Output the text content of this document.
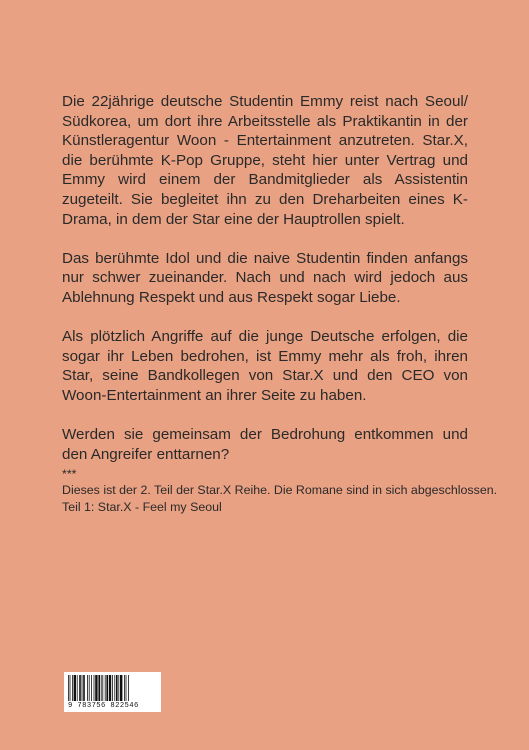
Die 22jährige deutsche Studentin Emmy reist nach Seoul/ Südkorea, um dort ihre Arbeitsstelle als Praktikantin in der Künstleragentur Woon - Entertainment anzutreten. Star.X, die berühmte K-Pop Gruppe, steht hier unter Vertrag und Emmy wird einem der Bandmitglieder als Assistentin zugeteilt. Sie begleitet ihn zu den Dreharbeiten eines K-Drama, in dem der Star eine der Hauptrollen spielt.

Das berühmte Idol und die naive Studentin finden anfangs nur schwer zueinander. Nach und nach wird jedoch aus Ablehnung Respekt und aus Respekt sogar Liebe.

Als plötzlich Angriffe auf die junge Deutsche erfolgen, die sogar ihr Leben bedrohen, ist Emmy mehr als froh, ihren Star, seine Bandkollegen von Star.X und den CEO von Woon-Entertainment an ihrer Seite zu haben.

Werden sie gemeinsam der Bedrohung entkommen und den Angreifer enttarnen?

***
Dieses ist der 2. Teil der Star.X Reihe. Die Romane sind in sich abgeschlossen.
Teil 1: Star.X - Feel my Seoul
9 783756 822546
